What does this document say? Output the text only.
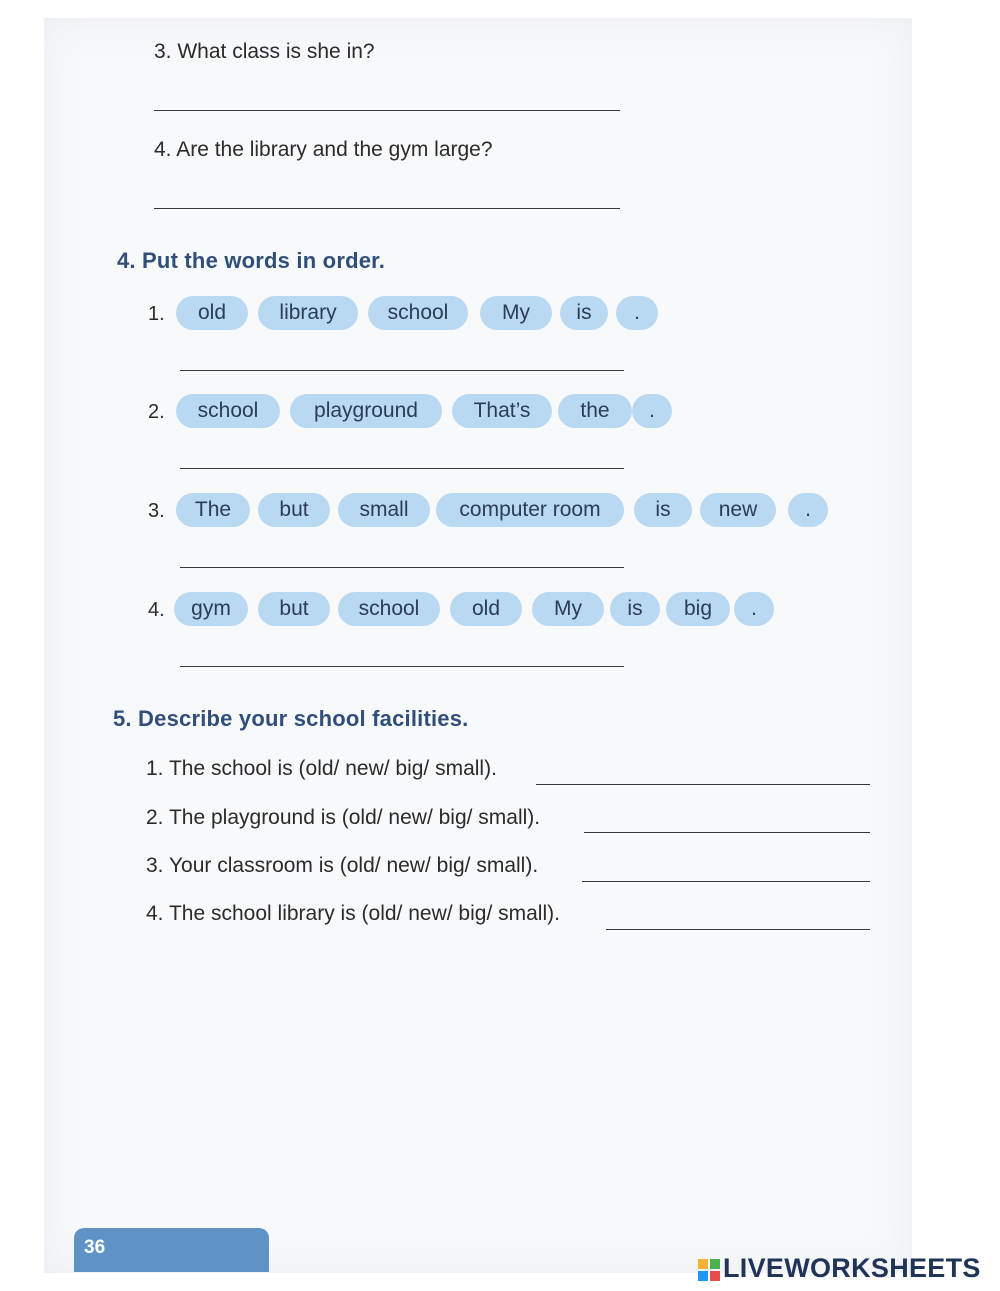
3. What class is she in?
4. Are the library and the gym large?
4. Put the words in order.
1.	old	library	school	My	is	.
2.	school	playground	That’s	the	.
3.	The	but	small	computer room	is	new	.
4.	gym	but	school	old	My	is	big	.
5. Describe your school facilities.
1. The school is (old/ new/ big/ small).
2. The playground is (old/ new/ big/ small).
3. Your classroom is (old/ new/ big/ small).
4. The school library is (old/ new/ big/ small).
36
LIVEWORKSHEETS
